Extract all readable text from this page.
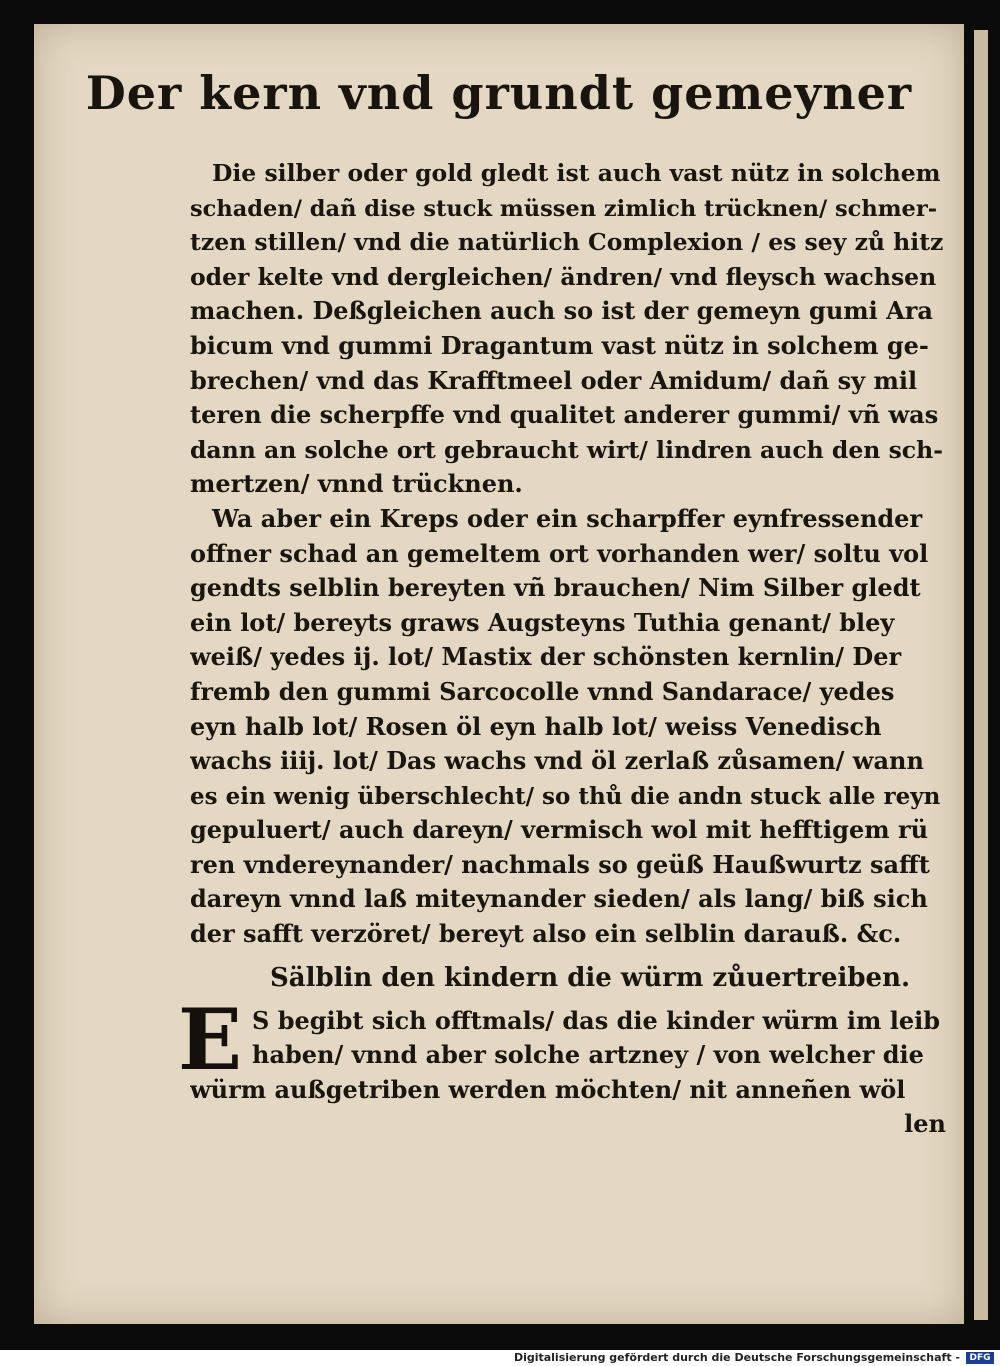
Der kern vnd grundt gemeyner
Die silber oder gold gledt ist auch vast nütz in solchem
schaden/ dañ dise stuck müssen zimlich trücknen/ schmer-
tzen stillen/ vnd die natürlich Complexion / es sey zů hitz
oder kelte vnd dergleichen/ ändren/ vnd fleysch wachsen
machen. Deßgleichen auch so ist der gemeyn gumi Ara
bicum vnd gummi Dragantum vast nütz in solchem ge-
brechen/ vnd das Krafftmeel oder Amidum/ dañ sy mil
teren die scherpffe vnd qualitet anderer gummi/ vñ was
dann an solche ort gebraucht wirt/ lindren auch den sch-
mertzen/ vnnd trücknen.
Wa aber ein Kreps oder ein scharpffer eynfressender
offner schad an gemeltem ort vorhanden wer/ soltu vol
gendts selblin bereyten vñ brauchen/ Nim Silber gledt
ein lot/ bereyts graws Augsteyns Tuthia genant/ bley
weiß/ yedes ij. lot/ Mastix der schönsten kernlin/ Der
fremb den gummi Sarcocolle vnnd Sandarace/ yedes
eyn halb lot/ Rosen öl eyn halb lot/ weiss Venedisch
wachs iiij. lot/ Das wachs vnd öl zerlaß zůsamen/ wann
es ein wenig überschlecht/ so thů die andn stuck alle reyn
gepuluert/ auch dareyn/ vermisch wol mit hefftigem rü
ren vndereynander/ nachmals so geüß Haußwurtz safft
dareyn vnnd laß miteynander sieden/ als lang/ biß sich
der safft verzöret/ bereyt also ein selblin darauß. &c.
Sälblin den kindern die würm zůuertreiben.
E S begibt sich offtmals/ das die kinder würm im leib
haben/ vnnd aber solche artzney / von welcher die
würm außgetriben werden möchten/ nit anneñen wöl
len
Digitalisierung gefördert durch die Deutsche Forschungsgemeinschaft -	DFG
